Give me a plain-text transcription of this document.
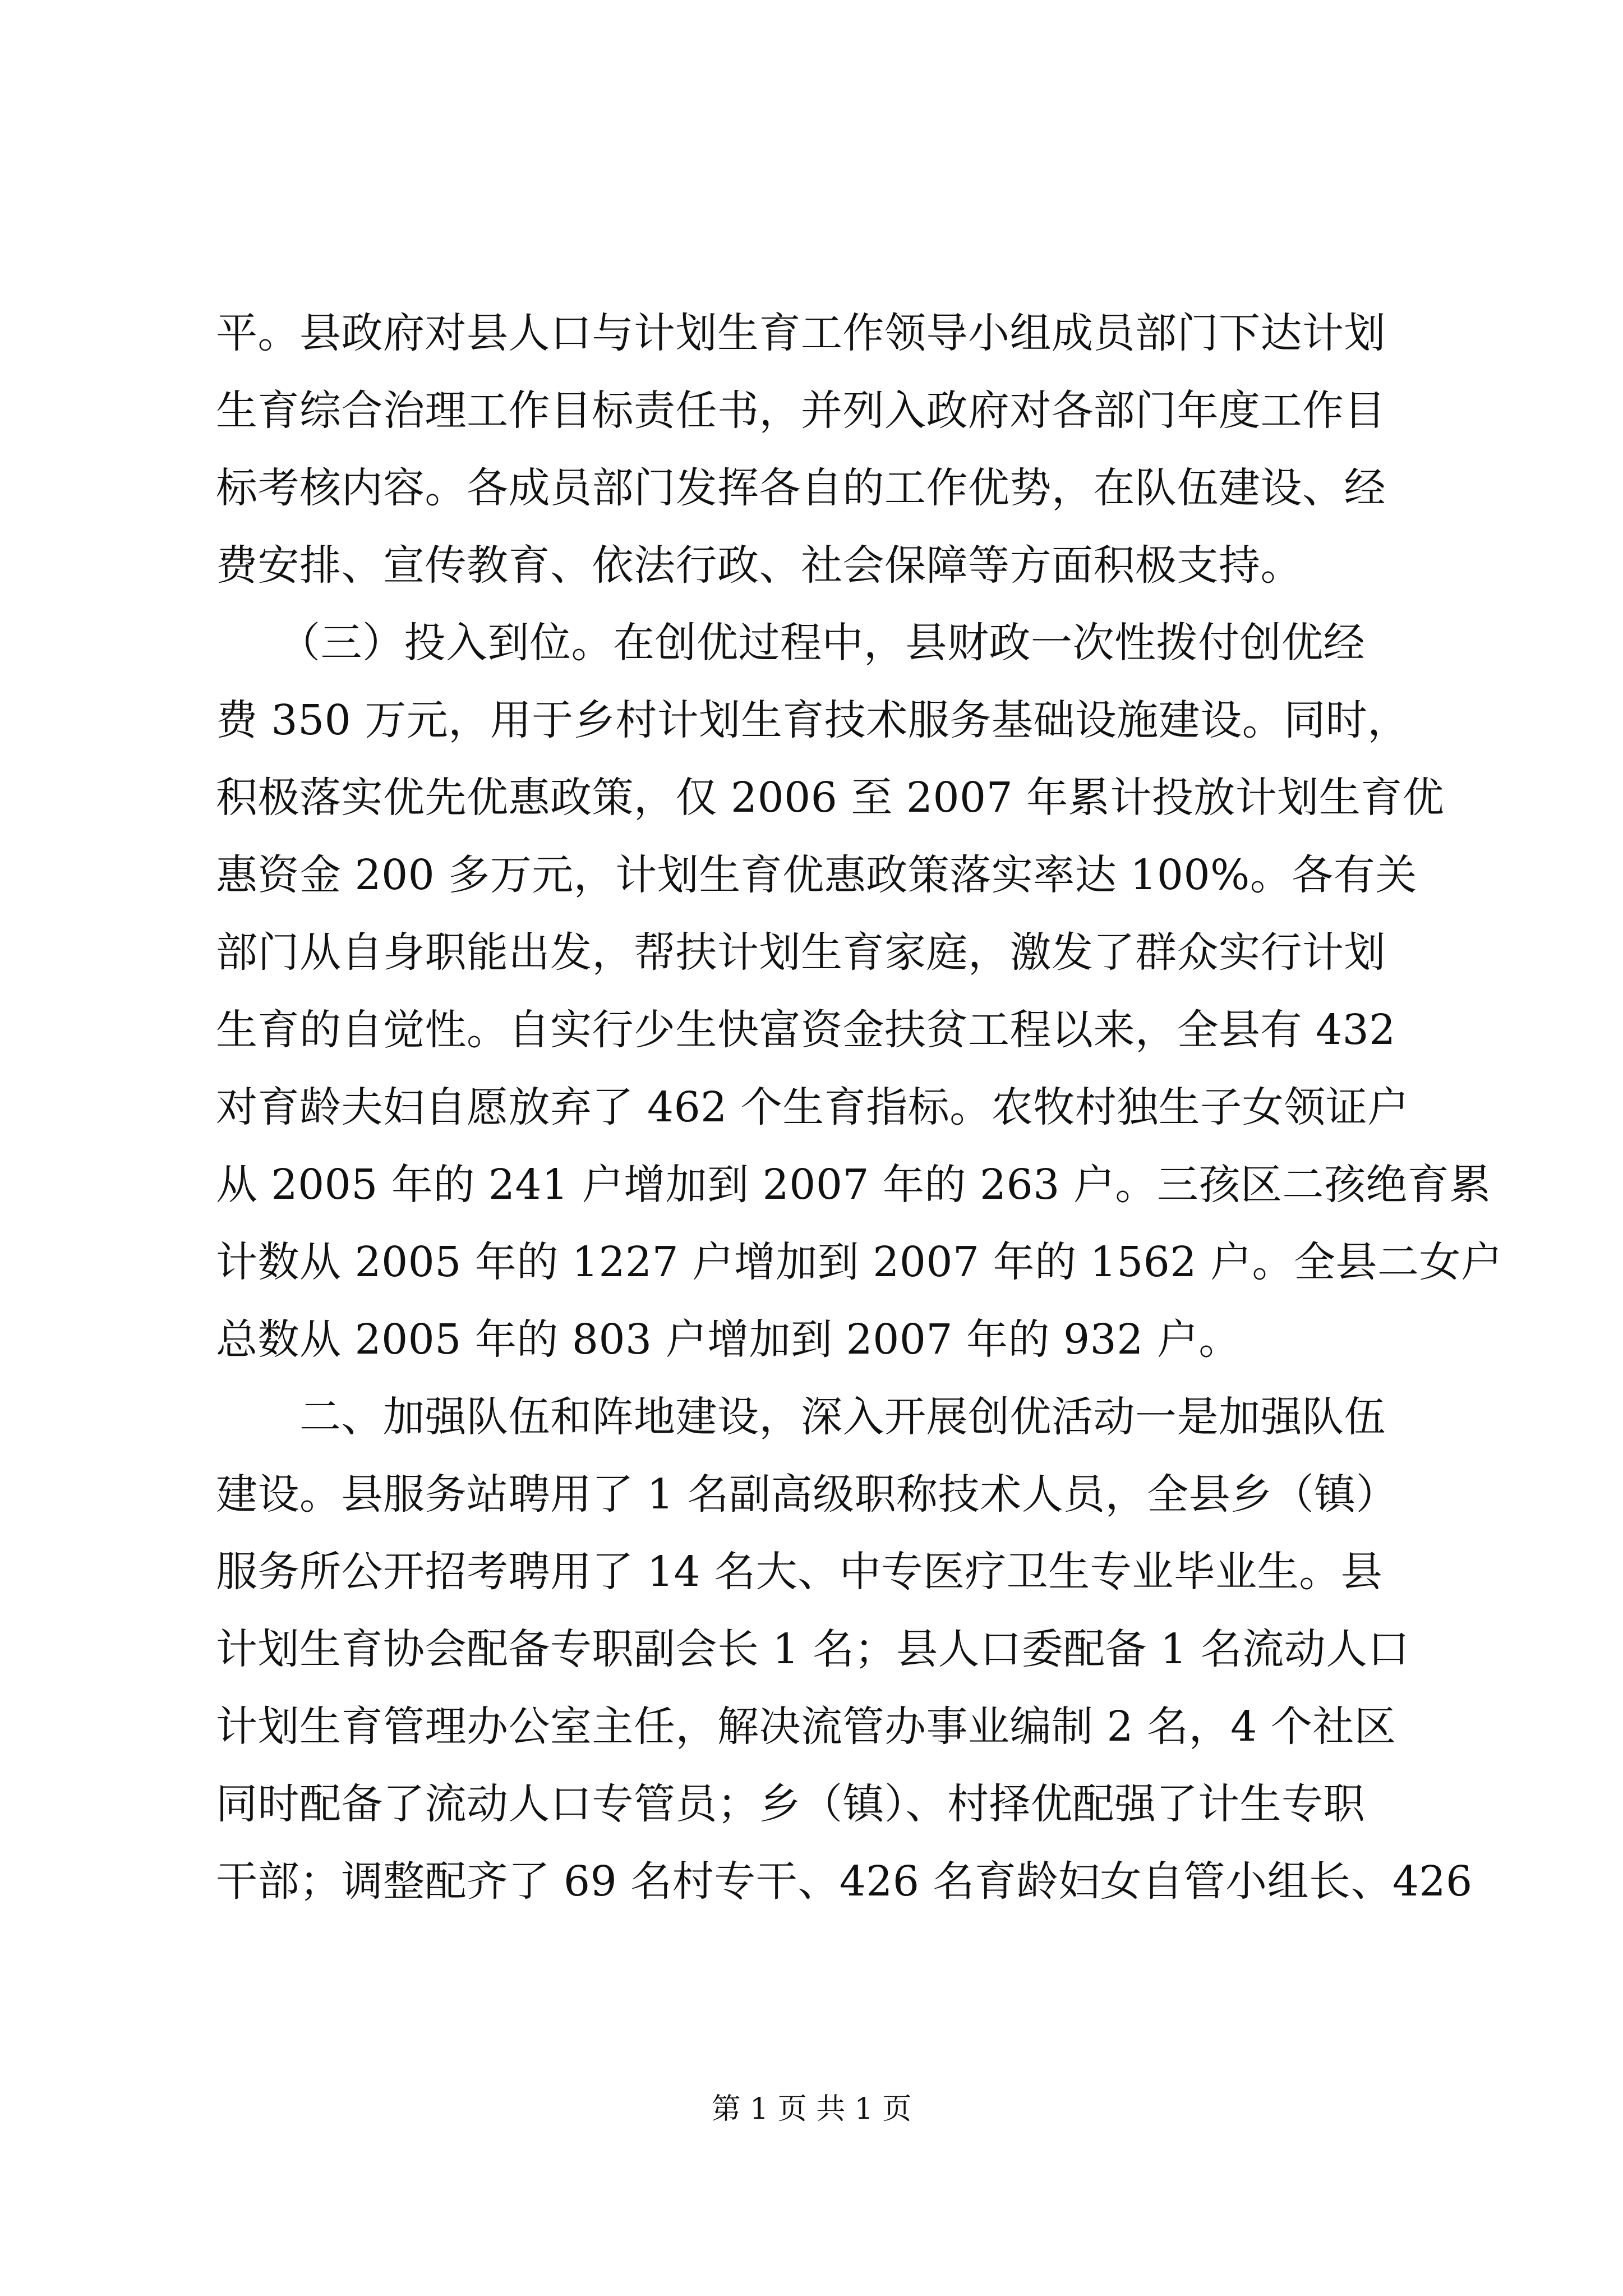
平。县政府对县人口与计划生育工作领导小组成员部门下达计划
生育综合治理工作目标责任书，并列入政府对各部门年度工作目
标考核内容。各成员部门发挥各自的工作优势，在队伍建设、经
费安排、宣传教育、依法行政、社会保障等方面积极支持。
　　（三）投入到位。在创优过程中，县财政一次性拨付创优经
费 350 万元，用于乡村计划生育技术服务基础设施建设。同时，
积极落实优先优惠政策，仅 2006 至 2007 年累计投放计划生育优
惠资金 200 多万元，计划生育优惠政策落实率达 100%。各有关
部门从自身职能出发，帮扶计划生育家庭，激发了群众实行计划
生育的自觉性。自实行少生快富资金扶贫工程以来，全县有 432
对育龄夫妇自愿放弃了 462 个生育指标。农牧村独生子女领证户
从 2005 年的 241 户增加到 2007 年的 263 户。三孩区二孩绝育累
计数从 2005 年的 1227 户增加到 2007 年的 1562 户。全县二女户
总数从 2005 年的 803 户增加到 2007 年的 932 户。
　　二、加强队伍和阵地建设，深入开展创优活动一是加强队伍
建设。县服务站聘用了 1 名副高级职称技术人员，全县乡（镇）
服务所公开招考聘用了 14 名大、中专医疗卫生专业毕业生。县
计划生育协会配备专职副会长 1 名；县人口委配备 1 名流动人口
计划生育管理办公室主任，解决流管办事业编制 2 名，4 个社区
同时配备了流动人口专管员；乡（镇）、村择优配强了计生专职
干部；调整配齐了 69 名村专干、426 名育龄妇女自管小组长、426
第 1 页 共 1 页
